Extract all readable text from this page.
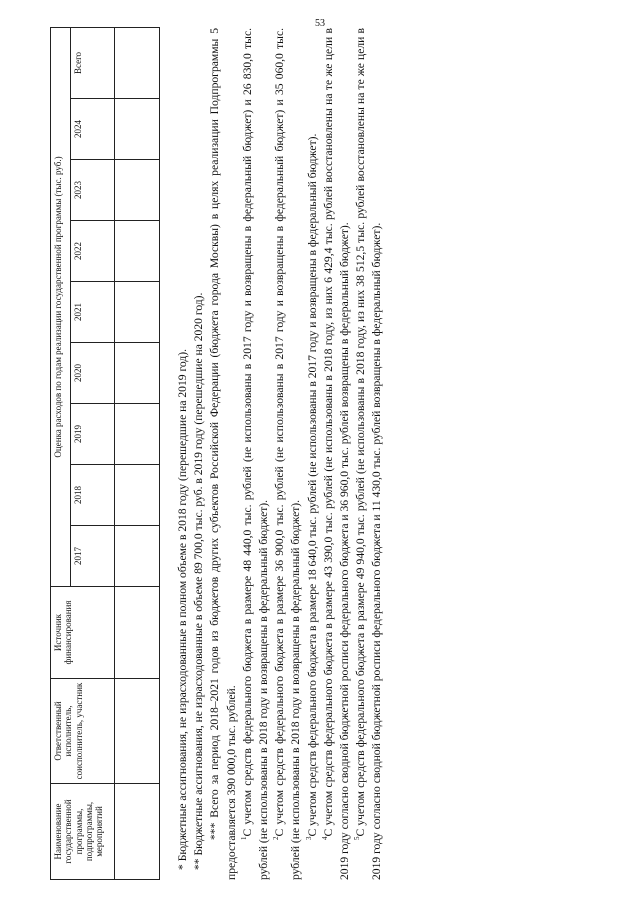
53
Наименование государственной программы, подпрограммы, мероприятий	Ответственный исполнитель, соисполнитель, участник	Источник финансирования	Оценка расходов по годам реализации государственной программы (тыс. руб.)								
			2017	2018	2019	2020	2021	2022	2023	2024	Всего

* Бюджетные ассигнования, не израсходованные в полном объеме в 2018 году (перешедшие на 2019 год). ** Бюджетные ассигнования, не израсходованные в объеме 89 700,0 тыс. руб. в 2019 году (перешедшие на 2020 год). *** Всего за период 2018–2021 годов из бюджетов других субъектов Российской Федерации (бюджета города Москвы) в целях реализации Подпрограммы 5 предоставляется 390 000,0 тыс. рублей. $^1$С учетом средств федерального бюджета в размере 48 440,0 тыс. рублей (не использованы в 2017 году и возвращены в федеральный бюджет) и 26 830,0 тыс. рублей (не использованы в 2018 году и возвращены в федеральный бюджет). $^2$С учетом средств федерального бюджета в размере 36 900,0 тыс. рублей (не использованы в 2017 году и возвращены в федеральный бюджет) и 35 060,0 тыс. рублей (не использованы в 2018 году и возвращены в федеральный бюджет). $^3$С учетом средств федерального бюджета в размере 18 640,0 тыс. рублей (не использованы в 2017 году и возвращены в федеральный бюджет).

$^4$С учетом средств федерального бюджета в размере 43 390,0 тыс. рублей (не использованы в 2018 году, из них 6 429,4 тыс. рублей восстановлены на те же цели в 2019 году согласно сводной бюджетной росписи федерального бюджета и 36 960,0 тыс. рублей возвращены в федеральный бюджет). $^5$С учетом средств федерального бюджета в размере 49 940,0 тыс. рублей (не использованы в 2018 году, из них 38 512,5 тыс. рублей восстановлены на те же цели в 2019 году согласно сводной бюджетной росписи федерального бюджета и 11 430,0 тыс. рублей возвращены в федеральный бюджет).
